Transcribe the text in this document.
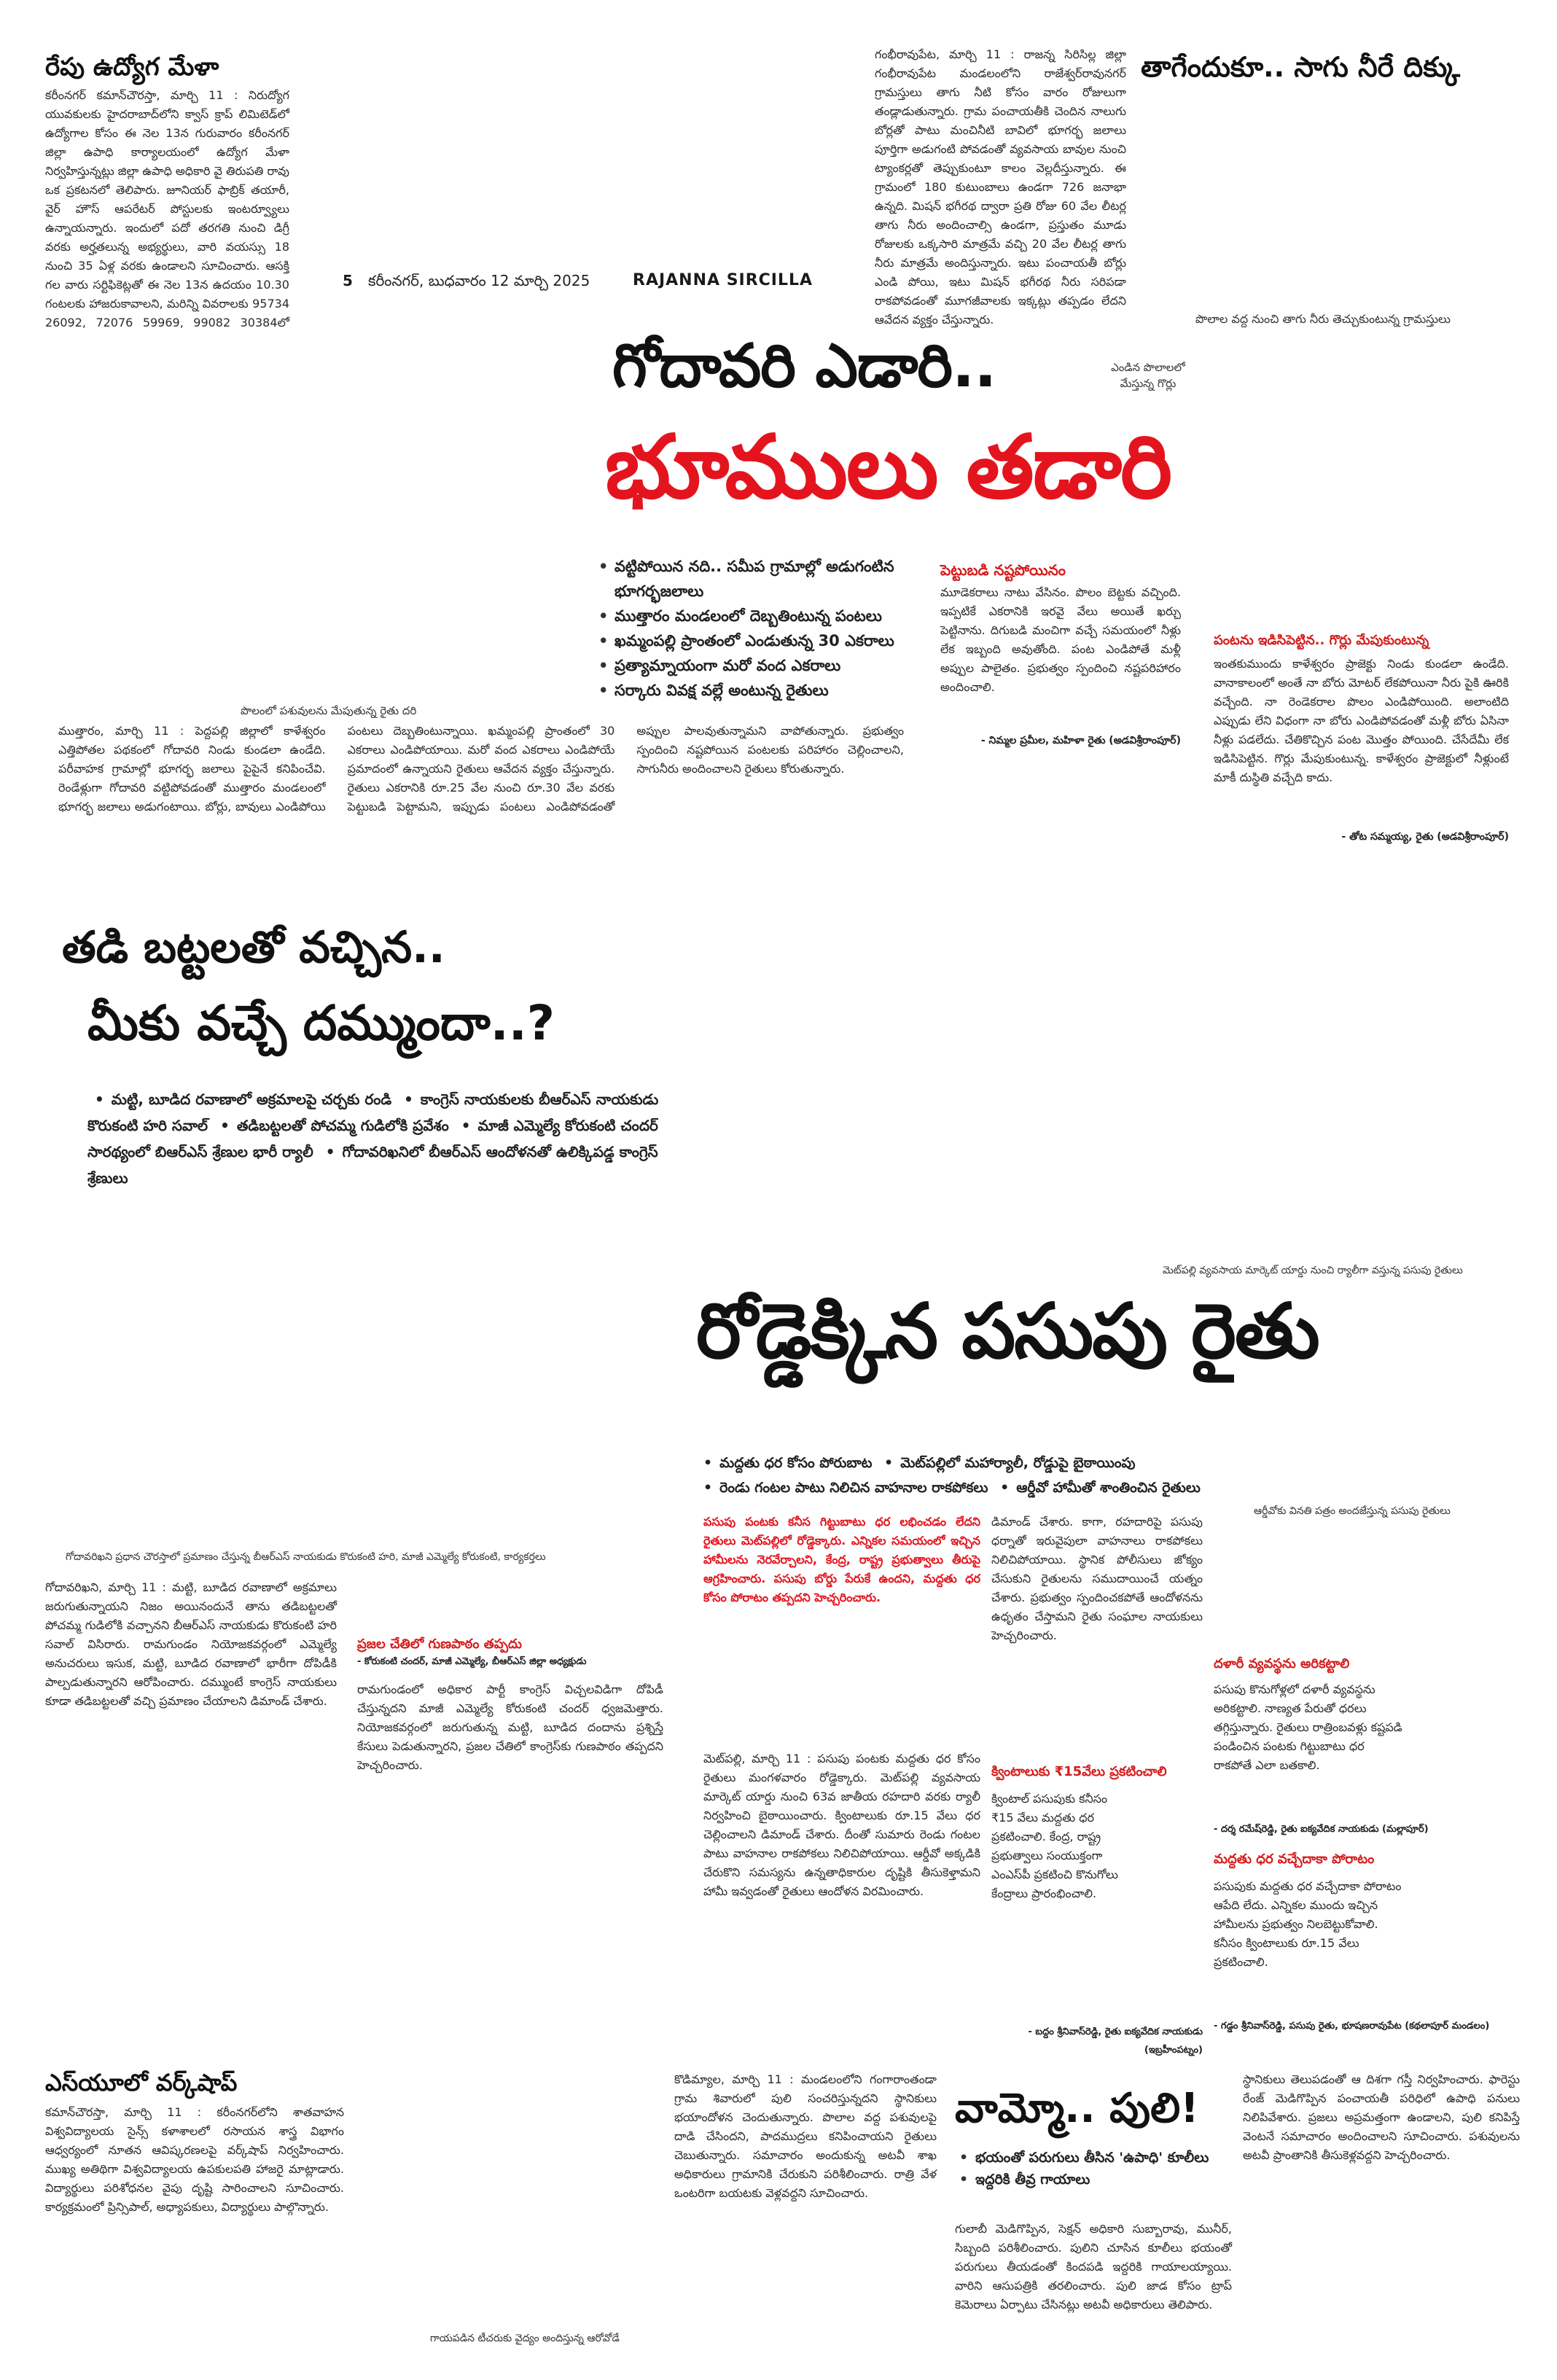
రేపు ఉద్యోగ మేళా
కరీంనగర్ కమాన్‌చౌరస్తా, మార్చి 11 : నిరుద్యోగ యువకులకు హైదరాబాద్‌లోని క్వాస్ క్రాప్ లిమిటెడ్‌లో ఉద్యోగాల కోసం ఈ నెల 13న గురువారం కరీంనగర్ జిల్లా ఉపాధి కార్యాలయంలో ఉద్యోగ మేళా నిర్వహిస్తున్నట్లు జిల్లా ఉపాధి అధికారి వై తిరుపతి రావు ఒక ప్రకటనలో తెలిపారు. జూనియర్ ఫాబ్రిక్ తయారీ, వైర్ హౌస్ ఆపరేటర్ పోస్టులకు ఇంటర్వ్యూలు ఉన్నాయన్నారు. ఇందులో పదో తరగతి నుంచి డిగ్రీ వరకు అర్హతలున్న అభ్యర్థులు, వారి వయస్సు 18 నుంచి 35 ఏళ్ల వరకు ఉండాలని సూచించారు. ఆసక్తి గల వారు సర్టిఫికెట్లతో ఈ నెల 13న ఉదయం 10.30 గంటలకు హాజరుకావాలని, మరిన్ని వివరాలకు 95734 26092, 72076 59969, 99082 30384లో
5 కరీంనగర్, బుధవారం 12 మార్చి 2025	RAJANNA SIRCILLA
గంభీరావుపేట, మార్చి 11 : రాజన్న సిరిసిల్ల జిల్లా గంభీరావుపేట మండలంలోని రాజేశ్వర్‌రావునగర్ గ్రామస్తులు తాగు నీటి కోసం వారం రోజులుగా తండ్లాడుతున్నారు. గ్రామ పంచాయతీకి చెందిన నాలుగు బోర్లతో పాటు మంచినీటి బావిలో భూగర్భ జలాలు పూర్తిగా అడుగంటి పోవడంతో వ్యవసాయ బావుల నుంచి ట్యాంకర్లతో తెప్పుకుంటూ కాలం వెల్లదీస్తున్నారు. ఈ గ్రామంలో 180 కుటుంబాలు ఉండగా 726 జనాభా ఉన్నది. మిషన్ భగీరథ ద్వారా ప్రతి రోజు 60 వేల లీటర్ల తాగు నీరు అందించాల్సి ఉండగా, ప్రస్తుతం మూడు రోజులకు ఒక్కసారి మాత్రమే వచ్చి 20 వేల లీటర్ల తాగు నీరు మాత్రమే అందిస్తున్నారు. ఇటు పంచాయతీ బోర్లు ఎండి పోయి, ఇటు మిషన్ భగీరథ నీరు సరిపడా రాకపోవడంతో మూగజీవాలకు ఇక్కట్లు తప్పడం లేదని ఆవేదన వ్యక్తం చేస్తున్నారు.
తాగేందుకూ.. సాగు నీరే దిక్కు
పొలాల వద్ద నుంచి తాగు నీరు తెచ్చుకుంటున్న గ్రామస్తులు
ఎండిన పొలాలలో మేస్తున్న గొర్లు
గోదావరి ఎడారి..
భూములు తడారి
• వట్టిపోయిన నది.. సమీప గ్రామాల్లో అడుగంటిన భూగర్భజలాలు
• ముత్తారం మండలంలో దెబ్బతింటున్న పంటలు
• ఖమ్మంపల్లి ప్రాంతంలో ఎండుతున్న 30 ఎకరాలు
• ప్రత్యామ్నాయంగా మరో వంద ఎకరాలు
• సర్కారు వివక్ష వల్లే అంటున్న రైతులు
పెట్టుబడి నష్టపోయినం
మూడెకరాలు నాటు వేసినం. పొలం బెట్టకు వచ్చింది. ఇప్పటికే ఎకరానికి ఇరవై వేలు అయితే ఖర్చు పెట్టినాను. దిగుబడి మంచిగా వచ్చే సమయంలో నీళ్లు లేక ఇబ్బంది అవుతోంది. పంట ఎండిపోతే మళ్లీ అప్పుల పాలైతం. ప్రభుత్వం స్పందించి నష్టపరిహారం అందించాలి.
- నిమ్మల ప్రమీల, మహిళా రైతు (అడవిశ్రీరాంపూర్)
పంటను ఇడిసిపెట్టిన.. గొర్లు మేపుకుంటున్న
ఇంతకుముందు కాళేశ్వరం ప్రాజెక్టు నిండు కుండలా ఉండేది. వానాకాలంలో అంతే నా బోరు మోటర్ లేకపోయినా నీరు పైకి ఊరికి వచ్చేంది. నా రెండెకరాల పొలం ఎండిపోయింది. అలాంటిది ఎప్పుడు లేని విధంగా నా బోరు ఎండిపోవడంతో మళ్లీ బోరు ఏసినా నీళ్లు పడలేదు. చేతికొచ్చిన పంట మొత్తం పోయింది. చేసేదేమీ లేక ఇడిసిపెట్టిన. గొర్లు మేపుకుంటున్న. కాళేశ్వరం ప్రాజెక్టులో నీళ్లుంటే మాకీ దుస్థితి వచ్చేది కాదు.
- తోట సమ్మయ్య, రైతు (అడవిశ్రీరాంపూర్)
పొలంలో పశువులను మేపుతున్న రైతు దరి
ముత్తారం, మార్చి 11 : పెద్దపల్లి జిల్లాలో కాళేశ్వరం ఎత్తిపోతల పథకంలో గోదావరి నిండు కుండలా ఉండేది. పరీవాహక గ్రామాల్లో భూగర్భ జలాలు పైపైనే కనిపించేవి. రెండేళ్లుగా గోదావరి వట్టిపోవడంతో ముత్తారం మండలంలో భూగర్భ జలాలు అడుగంటాయి. బోర్లు, బావులు ఎండిపోయి పంటలు దెబ్బతింటున్నాయి. ఖమ్మంపల్లి ప్రాంతంలో 30 ఎకరాలు ఎండిపోయాయి. మరో వంద ఎకరాలు ఎండిపోయే ప్రమాదంలో ఉన్నాయని రైతులు ఆవేదన వ్యక్తం చేస్తున్నారు. రైతులు ఎకరానికి రూ.25 వేల నుంచి రూ.30 వేల వరకు పెట్టుబడి పెట్టామని, ఇప్పుడు పంటలు ఎండిపోవడంతో అప్పుల పాలవుతున్నామని వాపోతున్నారు. ప్రభుత్వం స్పందించి నష్టపోయిన పంటలకు పరిహారం చెల్లించాలని, సాగునీరు అందించాలని రైతులు కోరుతున్నారు.
తడి బట్టలతో వచ్చిన..
మీకు వచ్చే దమ్ముందా..?
• మట్టి, బూడిద రవాణాలో అక్రమాలపై చర్చకు రండి • కాంగ్రెస్ నాయకులకు బీఆర్‌ఎస్ నాయకుడు కొరుకంటి హరి సవాల్ • తడిబట్టలతో పోచమ్మ గుడిలోకి ప్రవేశం • మాజీ ఎమ్మెల్యే కోరుకంటి చందర్ సారథ్యంలో బిఆర్‌ఎస్ శ్రేణుల భారీ ర్యాలీ • గోదావరిఖనిలో బీఆర్‌ఎస్ ఆందోళనతో ఉలిక్కిపడ్డ కాంగ్రెస్ శ్రేణులు
గోదావరిఖని ప్రధాన చౌరస్తాలో ప్రమాణం చేస్తున్న బీఆర్‌ఎస్ నాయకుడు కొరుకంటి హరి, మాజీ ఎమ్మెల్యే కోరుకంటి, కార్యకర్తలు
గోదావరిఖని, మార్చి 11 : మట్టి, బూడిద రవాణాలో అక్రమాలు జరుగుతున్నాయని నిజం అయినందునే తాను తడిబట్టలతో పోచమ్మ గుడిలోకి వచ్చానని బీఆర్‌ఎస్ నాయకుడు కొరుకంటి హరి సవాల్ విసిరారు. రామగుండం నియోజకవర్గంలో ఎమ్మెల్యే అనుచరులు ఇసుక, మట్టి, బూడిద రవాణాలో భారీగా దోపిడీకి పాల్పడుతున్నారని ఆరోపించారు. దమ్ముంటే కాంగ్రెస్ నాయకులు కూడా తడిబట్టలతో వచ్చి ప్రమాణం చేయాలని డిమాండ్ చేశారు.
ప్రజల చేతిలో గుణపాఠం తప్పదు
- కోరుకంటి చందర్, మాజీ ఎమ్మెల్యే, బీఆర్‌ఎస్ జిల్లా అధ్యక్షుడు
రామగుండంలో అధికార పార్టీ కాంగ్రెస్ విచ్చలవిడిగా దోపిడీ చేస్తున్నదని మాజీ ఎమ్మెల్యే కోరుకంటి చందర్ ధ్వజమెత్తారు. నియోజకవర్గంలో జరుగుతున్న మట్టి, బూడిద దందాను ప్రశ్నిస్తే కేసులు పెడుతున్నారని, ప్రజల చేతిలో కాంగ్రెస్‌కు గుణపాఠం తప్పదని హెచ్చరించారు.
మెట్‌పల్లి వ్యవసాయ మార్కెట్ యార్డు నుంచి ర్యాలీగా వస్తున్న పసుపు రైతులు
రోడ్డెక్కిన పసుపు రైతు
• మద్దతు ధర కోసం పోరుబాట • మెట్‌పల్లిలో మహార్యాలీ, రోడ్డుపై బైఠాయింపు
• రెండు గంటల పాటు నిలిచిన వాహనాల రాకపోకలు • ఆర్డీవో హామీతో శాంతించిన రైతులు
పసుపు పంటకు కనీస గిట్టుబాటు ధర లభించడం లేదని రైతులు మెట్‌పల్లిలో రోడ్డెక్కారు. ఎన్నికల సమయంలో ఇచ్చిన హామీలను నెరవేర్చాలని, కేంద్ర, రాష్ట్ర ప్రభుత్వాలు తీరుపై ఆగ్రహించారు. పసుపు బోర్డు పేరుకే ఉందని, మద్దతు ధర కోసం పోరాటం తప్పదని హెచ్చరించారు.
మెట్‌పల్లి, మార్చి 11 : పసుపు పంటకు మద్దతు ధర కోసం రైతులు మంగళవారం రోడ్డెక్కారు. మెట్‌పల్లి వ్యవసాయ మార్కెట్ యార్డు నుంచి 63వ జాతీయ రహదారి వరకు ర్యాలీ నిర్వహించి బైఠాయించారు. క్వింటాలుకు రూ.15 వేలు ధర చెల్లించాలని డిమాండ్ చేశారు. దీంతో సుమారు రెండు గంటల పాటు వాహనాల రాకపోకలు నిలిచిపోయాయి. ఆర్డీవో అక్కడికి చేరుకొని సమస్యను ఉన్నతాధికారుల దృష్టికి తీసుకెళ్తామని హామీ ఇవ్వడంతో రైతులు ఆందోళన విరమించారు.
డిమాండ్ చేశారు. కాగా, రహదారిపై పసుపు ధర్నాతో ఇరువైపులా వాహనాలు రాకపోకలు నిలిచిపోయాయి. స్థానిక పోలీసులు జోక్యం చేసుకుని రైతులను సముదాయించే యత్నం చేశారు. ప్రభుత్వం స్పందించకపోతే ఆందోళనను ఉధృతం చేస్తామని రైతు సంఘాల నాయకులు హెచ్చరించారు.
క్వింటాలుకు ₹15వేలు ప్రకటించాలి
క్వింటాల్ పసుపుకు కనీసం ₹15 వేలు మద్దతు ధర ప్రకటించాలి. కేంద్ర, రాష్ట్ర ప్రభుత్వాలు సంయుక్తంగా ఎంఎస్‌పీ ప్రకటించి కొనుగోలు కేంద్రాలు ప్రారంభించాలి.
- బద్దం శ్రీనివాస్‌రెడ్డి, రైతు ఐక్యవేదిక నాయకుడు
(ఇబ్రహీంపట్నం)
ఆర్డీవోకు వినతి పత్రం అందజేస్తున్న పసుపు రైతులు
దళారీ వ్యవస్థను అరికట్టాలి
పసుపు కొనుగోళ్లలో దళారీ వ్యవస్థను అరికట్టాలి. నాణ్యత పేరుతో ధరలు తగ్గిస్తున్నారు. రైతులు రాత్రింబవళ్లు కష్టపడి పండించిన పంటకు గిట్టుబాటు ధర రాకపోతే ఎలా బతకాలి.
- దర్శ రమేష్‌రెడ్డి, రైతు ఐక్యవేదిక నాయకుడు (మల్లాపూర్)
మద్దతు ధర వచ్చేదాకా పోరాటం
పసుపుకు మద్దతు ధర వచ్చేదాకా పోరాటం ఆపేది లేదు. ఎన్నికల ముందు ఇచ్చిన హామీలను ప్రభుత్వం నిలబెట్టుకోవాలి. కనీసం క్వింటాలుకు రూ.15 వేలు ప్రకటించాలి.
- గడ్డం శ్రీనివాస్‌రెడ్డి, పసుపు రైతు, భూషణరావుపేట (కథలాపూర్ మండలం)
ఎస్‌యూలో వర్క్‌షాప్
కమాన్‌చౌరస్తా, మార్చి 11 : కరీంనగర్‌లోని శాతవాహన విశ్వవిద్యాలయ సైన్స్ కళాశాలలో రసాయన శాస్త్ర విభాగం ఆధ్వర్యంలో నూతన ఆవిష్కరణలపై వర్క్‌షాప్ నిర్వహించారు. ముఖ్య అతిథిగా విశ్వవిద్యాలయ ఉపకులపతి హాజరై మాట్లాడారు. విద్యార్థులు పరిశోధనల వైపు దృష్టి సారించాలని సూచించారు. కార్యక్రమంలో ప్రిన్సిపాల్, అధ్యాపకులు, విద్యార్థులు పాల్గొన్నారు.
గాయపడిన టీచరుకు వైద్యం అందిస్తున్న ఆరోవోడే
కొడిమ్యాల, మార్చి 11 : మండలంలోని గంగారాంతండా గ్రామ శివారులో పులి సంచరిస్తున్నదని స్థానికులు భయాందోళన చెందుతున్నారు. పొలాల వద్ద పశువులపై దాడి చేసిందని, పాదముద్రలు కనిపించాయని రైతులు చెబుతున్నారు. సమాచారం అందుకున్న అటవీ శాఖ అధికారులు గ్రామానికి చేరుకుని పరిశీలించారు. రాత్రి వేళ ఒంటరిగా బయటకు వెళ్లవద్దని సూచించారు.
వామ్మో.. పులి!
• భయంతో పరుగులు తీసిన 'ఉపాధి' కూలీలు
• ఇద్దరికి తీవ్ర గాయాలు
గులాబీ మెడిగొప్పిన, సెక్షన్ అధికారి సుబ్బారావు, మునీర్, సిబ్బంది పరిశీలించారు. పులిని చూసిన కూలీలు భయంతో పరుగులు తీయడంతో కిందపడి ఇద్దరికి గాయాలయ్యాయి. వారిని ఆసుపత్రికి తరలించారు. పులి జాడ కోసం ట్రాప్ కెమెరాలు ఏర్పాటు చేసినట్లు అటవీ అధికారులు తెలిపారు.
స్థానికులు తెలుపడంతో ఆ దిశగా గస్తీ నిర్వహించారు. ఫారెస్టు రేంజ్ మెడిగొప్పిన పంచాయతీ పరిధిలో ఉపాధి పనులు నిలిపివేశారు. ప్రజలు అప్రమత్తంగా ఉండాలని, పులి కనిపిస్తే వెంటనే సమాచారం అందించాలని సూచించారు. పశువులను అటవీ ప్రాంతానికి తీసుకెళ్లవద్దని హెచ్చరించారు.
